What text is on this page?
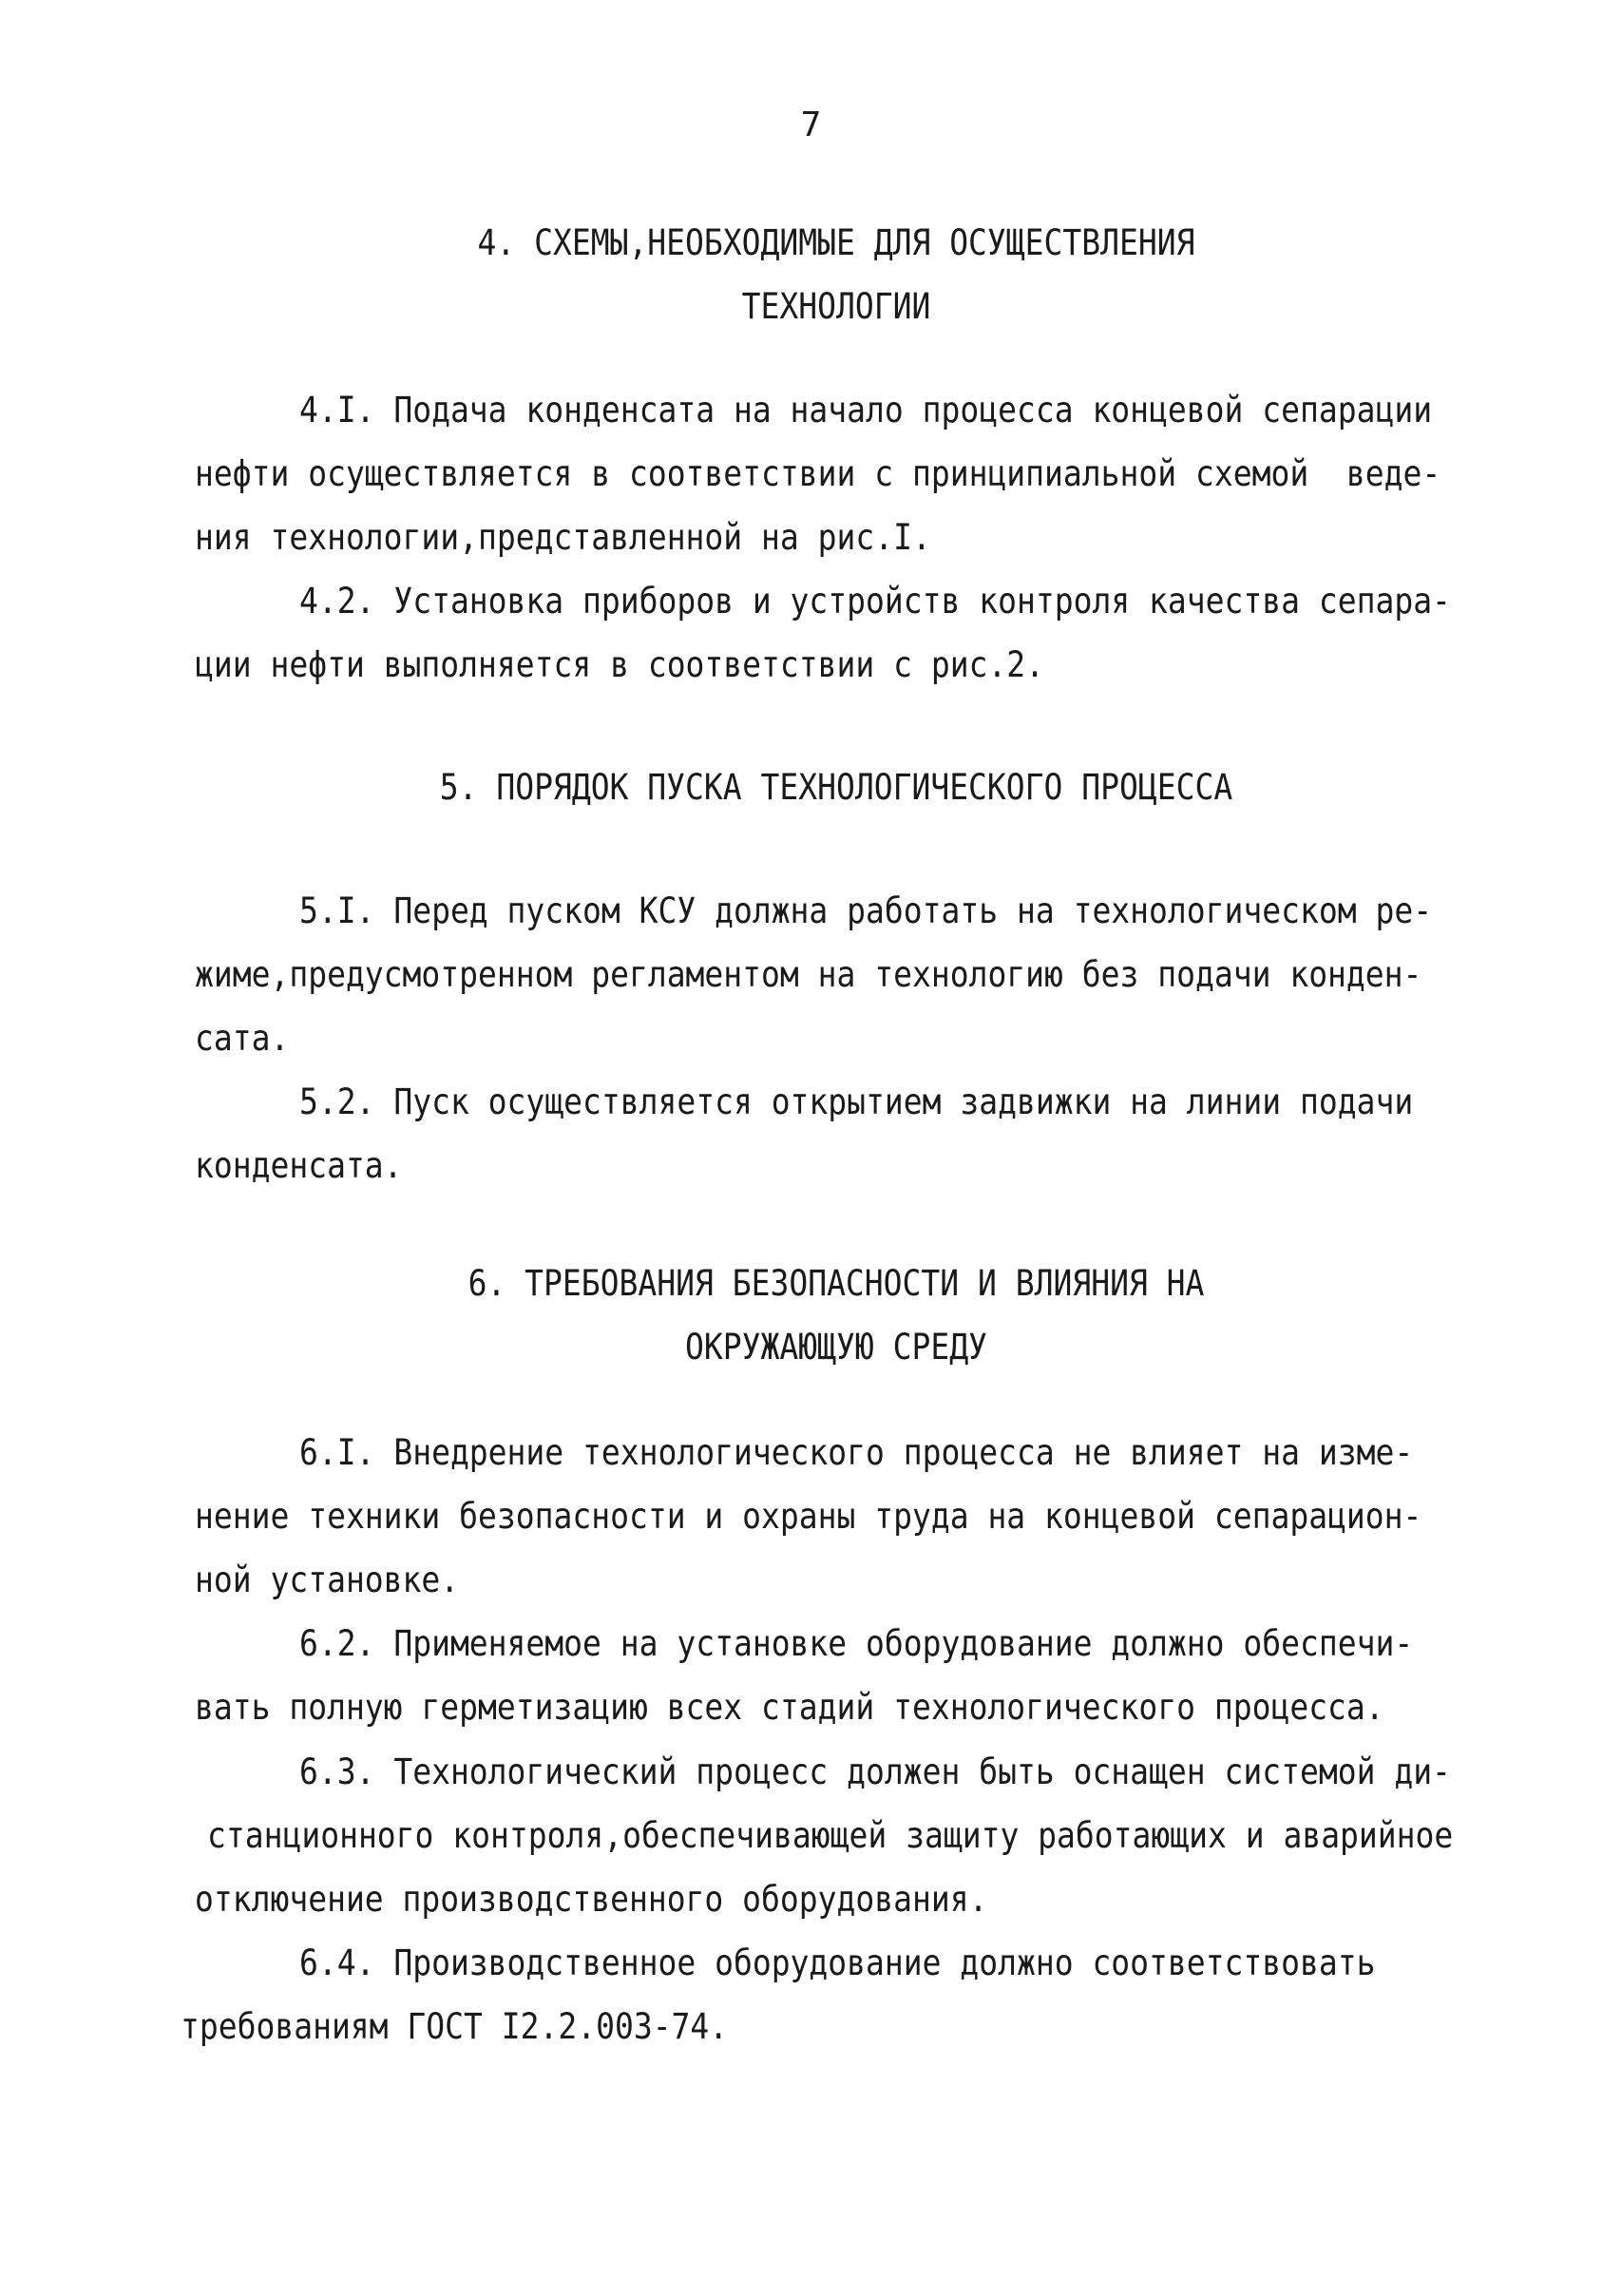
7
4. СХЕМЫ,НЕОБХОДИМЫЕ ДЛЯ ОСУЩЕСТВЛЕНИЯ
ТЕХНОЛОГИИ
4.I. Подача конденсата на начало процесса концевой сепарации
нефти осуществляется в соответствии с принципиальной схемой  веде-
ния технологии,представленной на рис.I.
4.2. Установка приборов и устройств контроля качества сепара-
ции нефти выполняется в соответствии с рис.2.
5. ПОРЯДОК ПУСКА ТЕХНОЛОГИЧЕСКОГО ПРОЦЕССА
5.I. Перед пуском КСУ должна работать на технологическом ре-
жиме,предусмотренном регламентом на технологию без подачи конден-
сата.
5.2. Пуск осуществляется открытием задвижки на линии подачи
конденсата.
6. ТРЕБОВАНИЯ БЕЗОПАСНОСТИ И ВЛИЯНИЯ НА
ОКРУЖАЮЩУЮ СРЕДУ
6.I. Внедрение технологического процесса не влияет на изме-
нение техники безопасности и охраны труда на концевой сепарацион-
ной установке.
6.2. Применяемое на установке оборудование должно обеспечи-
вать полную герметизацию всех стадий технологического процесса.
6.3. Технологический процесс должен быть оснащен системой ди-
станционного контроля,обеспечивающей защиту работающих и аварийное
отключение производственного оборудования.
6.4. Производственное оборудование должно соответствовать
требованиям ГОСТ I2.2.003-74.
